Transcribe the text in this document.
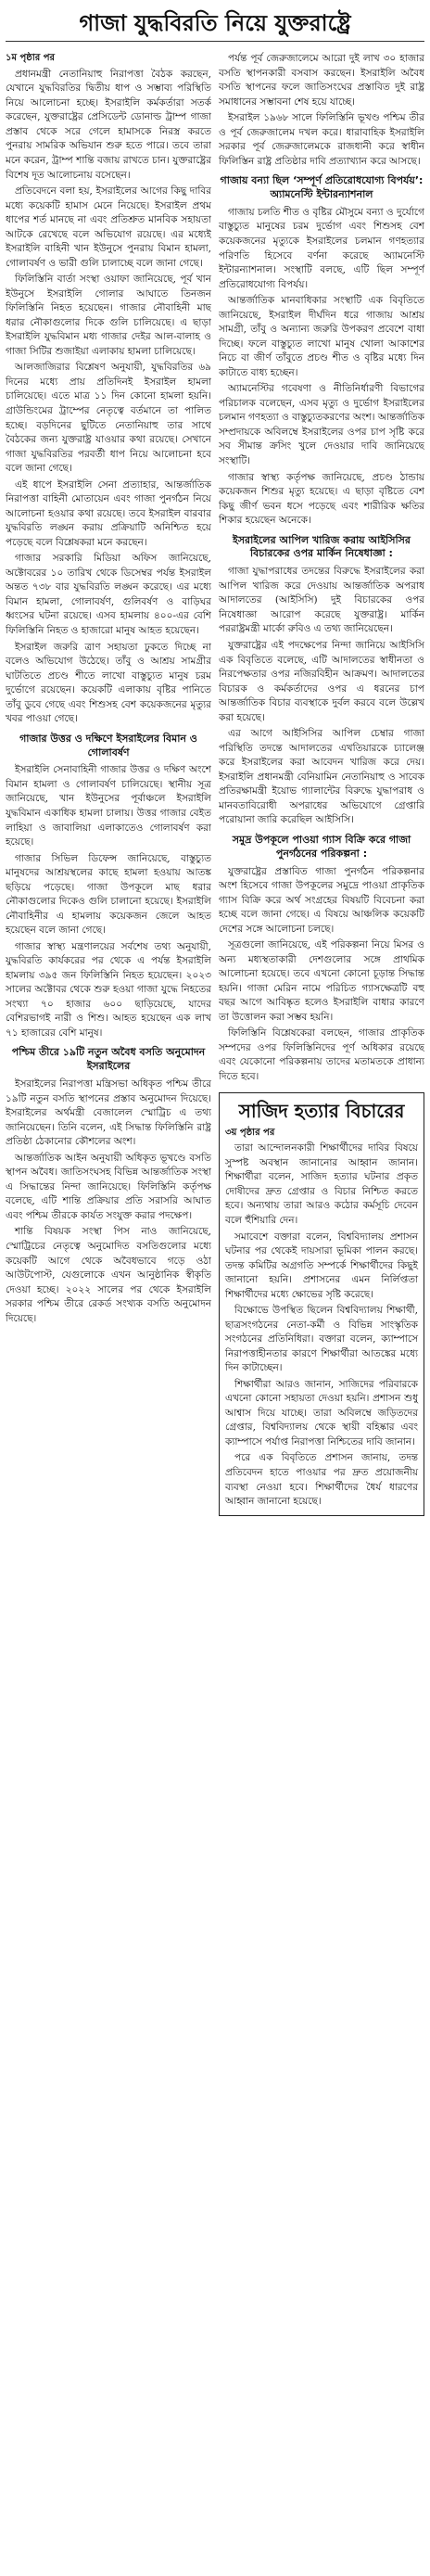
গাজা যুদ্ধবিরতি নিয়ে যুক্তরাষ্ট্রে
১ম পৃষ্ঠার পর

প্রধানমন্ত্রী নেতানিয়াহু নিরাপত্তা বৈঠক করছেন, যেখানে যুদ্ধবিরতির দ্বিতীয় ধাপ ও সম্ভাব্য পরিস্থিতি নিয়ে আলোচনা হচ্ছে। ইসরাইলি কর্মকর্তারা সতর্ক করেছেন, যুক্তরাষ্ট্রের প্রেসিডেন্ট ডোনাল্ড ট্রাম্প গাজা প্রস্তাব থেকে সরে গেলে হামাসকে নিরস্ত্র করতে পুনরায় সামরিক অভিযান শুরু হতে পারে। তবে তারা মনে করেন, ট্রাম্প শান্তি বজায় রাখতে চান। যুক্তরাষ্ট্রের বিশেষ দূত আলোচনায় বসেছেন।

প্রতিবেদনে বলা হয়, ইসরাইলের আগের কিছু দাবির মধ্যে কয়েকটি হামাস মেনে নিয়েছে। ইসরাইল প্রথম ধাপের শর্ত মানছে না এবং প্রতিশ্রুত মানবিক সহায়তা আটকে রেখেছে বলে অভিযোগ রয়েছে। এর মধ্যেই ইসরাইলি বাহিনী খান ইউনুসে পুনরায় বিমান হামলা, গোলাবর্ষণ ও ভারী গুলি চালাচ্ছে বলে জানা গেছে।

ফিলিস্তিনি বার্তা সংস্থা ওয়াফা জানিয়েছে, পূর্ব খান ইউনুসে ইসরাইলি গোলার আঘাতে তিনজন ফিলিস্তিনি নিহত হয়েছেন। গাজার নৌবাহিনী মাছ ধরার নৌকাগুলোর দিকে গুলি চালিয়েছে। এ ছাড়া ইসরাইলি যুদ্ধবিমান মধ্য গাজার দেইর আল-বালাহ ও গাজা সিটির শুজাইয়া এলাকায় হামলা চালিয়েছে।

আলজাজিরার বিশ্লেষণ অনুযায়ী, যুদ্ধবিরতির ৬৯ দিনের মধ্যে প্রায় প্রতিদিনই ইসরাইল হামলা চালিয়েছে। এতে মাত্র ১১ দিন কোনো হামলা হয়নি। গ্রাউন্ডিংমের ট্রাম্পের নেতৃত্বে বর্তমানে তা পালিত হচ্ছে। বড়দিনের ছুটিতে নেতানিয়াহু তার সাথে বৈঠকের জন্য যুক্তরাষ্ট্র যাওয়ার কথা রয়েছে। সেখানে গাজা যুদ্ধবিরতির পরবর্তী ধাপ নিয়ে আলোচনা হবে বলে জানা গেছে।

এই ধাপে ইসরাইলি সেনা প্রত্যাহার, আন্তর্জাতিক নিরাপত্তা বাহিনী মোতায়েন এবং গাজা পুনর্গঠন নিয়ে আলোচনা হওয়ার কথা রয়েছে। তবে ইসরাইল বারবার যুদ্ধবিরতি লঙ্ঘন করায় প্রক্রিয়াটি অনিশ্চিত হয়ে পড়েছে বলে বিশ্লেষকরা মনে করছেন।

গাজার সরকারি মিডিয়া অফিস জানিয়েছে, অক্টোবরের ১০ তারিখ থেকে ডিসেম্বর পর্যন্ত ইসরাইল অন্তত ৭৩৮ বার যুদ্ধবিরতি লঙ্ঘন করেছে। এর মধ্যে বিমান হামলা, গোলাবর্ষণ, গুলিবর্ষণ ও বাড়িঘর ধ্বংসের ঘটনা রয়েছে। এসব হামলায় ৪০০-এর বেশি ফিলিস্তিনি নিহত ও হাজারো মানুষ আহত হয়েছেন।

ইসরাইল জরুরি ত্রাণ সহায়তা ঢুকতে দিচ্ছে না বলেও অভিযোগ উঠেছে। তাঁবু ও আশ্রয় সামগ্রীর ঘাটতিতে প্রচণ্ড শীতে লাখো বাস্তুচ্যুত মানুষ চরম দুর্ভোগে রয়েছেন। কয়েকটি এলাকায় বৃষ্টির পানিতে তাঁবু ডুবে গেছে এবং শিশুসহ বেশ কয়েকজনের মৃত্যুর খবর পাওয়া গেছে।

গাজার উত্তর ও দক্ষিণে ইসরাইলের বিমান ও গোলাবর্ষণ

ইসরাইলি সেনাবাহিনী গাজার উত্তর ও দক্ষিণ অংশে বিমান হামলা ও গোলাবর্ষণ চালিয়েছে। স্থানীয় সূত্র জানিয়েছে, খান ইউনুসের পূর্বাঞ্চলে ইসরাইলি যুদ্ধবিমান একাধিক হামলা চালায়। উত্তর গাজার বেইত লাহিয়া ও জাবালিয়া এলাকাতেও গোলাবর্ষণ করা হয়েছে।

গাজার সিভিল ডিফেন্স জানিয়েছে, বাস্তুচ্যুত মানুষদের আশ্রয়স্থলের কাছে হামলা হওয়ায় আতঙ্ক ছড়িয়ে পড়েছে। গাজা উপকূলে মাছ ধরার নৌকাগুলোর দিকেও গুলি চালানো হয়েছে। ইসরাইলি নৌবাহিনীর এ হামলায় কয়েকজন জেলে আহত হয়েছেন বলে জানা গেছে।

গাজার স্বাস্থ্য মন্ত্রণালয়ের সর্বশেষ তথ্য অনুযায়ী, যুদ্ধবিরতি কার্যকরের পর থেকে এ পর্যন্ত ইসরাইলি হামলায় ৩৯৫ জন ফিলিস্তিনি নিহত হয়েছেন। ২০২৩ সালের অক্টোবর থেকে শুরু হওয়া গাজা যুদ্ধে নিহতের সংখ্যা ৭০ হাজার ৬০০ ছাড়িয়েছে, যাদের বেশিরভাগই নারী ও শিশু। আহত হয়েছেন এক লাখ ৭১ হাজারের বেশি মানুষ।

পশ্চিম তীরে ১৯টি নতুন অবৈধ বসতি অনুমোদন ইসরাইলের

ইসরাইলের নিরাপত্তা মন্ত্রিসভা অধিকৃত পশ্চিম তীরে ১৯টি নতুন বসতি স্থাপনের প্রস্তাব অনুমোদন দিয়েছে। ইসরাইলের অর্থমন্ত্রী বেজালেল স্মোট্রিচ এ তথ্য জানিয়েছেন। তিনি বলেন, এই সিদ্ধান্ত ফিলিস্তিনি রাষ্ট্র প্রতিষ্ঠা ঠেকানোর কৌশলের অংশ।

আন্তর্জাতিক আইন অনুযায়ী অধিকৃত ভূখণ্ডে বসতি স্থাপন অবৈধ। জাতিসংঘসহ বিভিন্ন আন্তর্জাতিক সংস্থা এ সিদ্ধান্তের নিন্দা জানিয়েছে। ফিলিস্তিনি কর্তৃপক্ষ বলেছে, এটি শান্তি প্রক্রিয়ার প্রতি সরাসরি আঘাত এবং পশ্চিম তীরকে কার্যত সংযুক্ত করার পদক্ষেপ।

শান্তি বিষয়ক সংস্থা পিস নাও জানিয়েছে, স্মোট্রিচের নেতৃত্বে অনুমোদিত বসতিগুলোর মধ্যে কয়েকটি আগে থেকে অবৈধভাবে গড়ে ওঠা আউটপোস্ট, যেগুলোকে এখন আনুষ্ঠানিক স্বীকৃতি দেওয়া হচ্ছে। ২০২২ সালের পর থেকে ইসরাইলি সরকার পশ্চিম তীরে রেকর্ড সংখ্যক বসতি অনুমোদন দিয়েছে।

পর্যন্ত পূর্ব জেরুজালেমে আরো দুই লাখ ৩০ হাজার বসতি স্থাপনকারী বসবাস করছেন। ইসরাইলি অবৈধ বসতি স্থাপনের ফলে জাতিসংঘের প্রস্তাবিত দুই রাষ্ট্র সমাধানের সম্ভাবনা শেষ হয়ে যাচ্ছে।

ইসরাইল ১৯৬৮ সালে ফিলিস্তিনি ভূখণ্ড পশ্চিম তীর ও পূর্ব জেরুজালেম দখল করে। ধারাবাহিক ইসরাইলি সরকার পূর্ব জেরুজালেমকে রাজধানী করে স্বাধীন ফিলিস্তিন রাষ্ট্র প্রতিষ্ঠার দাবি প্রত্যাখ্যান করে আসছে।

গাজায় বন্যা ছিল ‘সম্পূর্ণ প্রতিরোধযোগ্য বিপর্যয়’: অ্যামনেস্টি ইন্টারন্যাশনাল

গাজায় চলতি শীত ও বৃষ্টির মৌসুমে বন্যা ও দুর্যোগে বাস্তুচ্যুত মানুষের চরম দুর্ভোগ এবং শিশুসহ বেশ কয়েকজনের মৃত্যুকে ইসরাইলের চলমান গণহত্যার পরিণতি হিসেবে বর্ণনা করেছে অ্যামনেস্টি ইন্টারন্যাশনাল। সংস্থাটি বলছে, এটি ছিল সম্পূর্ণ প্রতিরোধযোগ্য বিপর্যয়।

আন্তর্জাতিক মানবাধিকার সংস্থাটি এক বিবৃতিতে জানিয়েছে, ইসরাইল দীর্ঘদিন ধরে গাজায় আশ্রয় সামগ্রী, তাঁবু ও অন্যান্য জরুরি উপকরণ প্রবেশে বাধা দিচ্ছে। ফলে বাস্তুচ্যুত লাখো মানুষ খোলা আকাশের নিচে বা জীর্ণ তাঁবুতে প্রচণ্ড শীত ও বৃষ্টির মধ্যে দিন কাটাতে বাধ্য হচ্ছেন।

অ্যামনেস্টির গবেষণা ও নীতিনির্ধারণী বিভাগের পরিচালক বলেছেন, এসব মৃত্যু ও দুর্ভোগ ইসরাইলের চলমান গণহত্যা ও বাস্তুচ্যুতকরণের অংশ। আন্তর্জাতিক সম্প্রদায়কে অবিলম্বে ইসরাইলের ওপর চাপ সৃষ্টি করে সব সীমান্ত ক্রসিং খুলে দেওয়ার দাবি জানিয়েছে সংস্থাটি।

গাজার স্বাস্থ্য কর্তৃপক্ষ জানিয়েছে, প্রচণ্ড ঠান্ডায় কয়েকজন শিশুর মৃত্যু হয়েছে। এ ছাড়া বৃষ্টিতে বেশ কিছু জীর্ণ ভবন ধসে পড়েছে এবং শারীরিক ক্ষতির শিকার হয়েছেন অনেকে।

ইসরাইলের আপিল খারিজ করায় আইসিসির বিচারকের ওপর মার্কিন নিষেধাজ্ঞা :

গাজা যুদ্ধাপরাধের তদন্তের বিরুদ্ধে ইসরাইলের করা আপিল খারিজ করে দেওয়ায় আন্তর্জাতিক অপরাধ আদালতের (আইসিসি) দুই বিচারকের ওপর নিষেধাজ্ঞা আরোপ করেছে যুক্তরাষ্ট্র। মার্কিন পররাষ্ট্রমন্ত্রী মার্কো রুবিও এ তথ্য জানিয়েছেন।

যুক্তরাষ্ট্রের এই পদক্ষেপের নিন্দা জানিয়ে আইসিসি এক বিবৃতিতে বলেছে, এটি আদালতের স্বাধীনতা ও নিরপেক্ষতার ওপর নজিরবিহীন আক্রমণ। আদালতের বিচারক ও কর্মকর্তাদের ওপর এ ধরনের চাপ আন্তর্জাতিক বিচার ব্যবস্থাকে দুর্বল করবে বলে উল্লেখ করা হয়েছে।

এর আগে আইসিসির আপিল চেম্বার গাজা পরিস্থিতি তদন্তে আদালতের এখতিয়ারকে চ্যালেঞ্জ করে ইসরাইলের করা আবেদন খারিজ করে দেয়। ইসরাইলি প্রধানমন্ত্রী বেনিয়ামিন নেতানিয়াহু ও সাবেক প্রতিরক্ষামন্ত্রী ইয়োভ গ্যালান্টের বিরুদ্ধে যুদ্ধাপরাধ ও মানবতাবিরোধী অপরাধের অভিযোগে গ্রেপ্তারি পরোয়ানা জারি করেছিল আইসিসি।

সমুদ্র উপকূলে পাওয়া গ্যাস বিক্রি করে গাজা পুনর্গঠনের পরিকল্পনা :

যুক্তরাষ্ট্রের প্রস্তাবিত গাজা পুনর্গঠন পরিকল্পনার অংশ হিসেবে গাজা উপকূলের সমুদ্রে পাওয়া প্রাকৃতিক গ্যাস বিক্রি করে অর্থ সংগ্রহের বিষয়টি বিবেচনা করা হচ্ছে বলে জানা গেছে। এ বিষয়ে আঞ্চলিক কয়েকটি দেশের সঙ্গে আলোচনা চলছে।

সূত্রগুলো জানিয়েছে, এই পরিকল্পনা নিয়ে মিসর ও অন্য মধ্যস্থতাকারী দেশগুলোর সঙ্গে প্রাথমিক আলোচনা হয়েছে। তবে এখনো কোনো চূড়ান্ত সিদ্ধান্ত হয়নি। গাজা মেরিন নামে পরিচিত গ্যাসক্ষেত্রটি বহু বছর আগে আবিষ্কৃত হলেও ইসরাইলি বাধার কারণে তা উত্তোলন করা সম্ভব হয়নি।

ফিলিস্তিনি বিশ্লেষকেরা বলছেন, গাজার প্রাকৃতিক সম্পদের ওপর ফিলিস্তিনিদের পূর্ণ অধিকার রয়েছে এবং যেকোনো পরিকল্পনায় তাদের মতামতকে প্রাধান্য দিতে হবে।

সাজিদ হত্যার বিচারের
৩য় পৃষ্ঠার পর

তারা আন্দোলনকারী শিক্ষার্থীদের দাবির বিষয়ে সুস্পষ্ট অবস্থান জানানোর আহ্বান জানান। শিক্ষার্থীরা বলেন, সাজিদ হত্যার ঘটনার প্রকৃত দোষীদের দ্রুত গ্রেপ্তার ও বিচার নিশ্চিত করতে হবে। অন্যথায় তারা আরও কঠোর কর্মসূচি দেবেন বলে হুঁশিয়ারি দেন।

সমাবেশে বক্তারা বলেন, বিশ্ববিদ্যালয় প্রশাসন ঘটনার পর থেকেই দায়সারা ভূমিকা পালন করছে। তদন্ত কমিটির অগ্রগতি সম্পর্কে শিক্ষার্থীদের কিছুই জানানো হয়নি। প্রশাসনের এমন নির্লিপ্ততা শিক্ষার্থীদের মধ্যে ক্ষোভের সৃষ্টি করেছে।

বিক্ষোভে উপস্থিত ছিলেন বিশ্ববিদ্যালয় শিক্ষার্থী, ছাত্রসংগঠনের নেতা-কর্মী ও বিভিন্ন সাংস্কৃতিক সংগঠনের প্রতিনিধিরা। বক্তারা বলেন, ক্যাম্পাসে নিরাপত্তাহীনতার কারণে শিক্ষার্থীরা আতঙ্কের মধ্যে দিন কাটাচ্ছেন।

শিক্ষার্থীরা আরও জানান, সাজিদের পরিবারকে এখনো কোনো সহায়তা দেওয়া হয়নি। প্রশাসন শুধু আশ্বাস দিয়ে যাচ্ছে। তারা অবিলম্বে জড়িতদের গ্রেপ্তার, বিশ্ববিদ্যালয় থেকে স্থায়ী বহিষ্কার এবং ক্যাম্পাসে পর্যাপ্ত নিরাপত্তা নিশ্চিতের দাবি জানান।

পরে এক বিবৃতিতে প্রশাসন জানায়, তদন্ত প্রতিবেদন হাতে পাওয়ার পর দ্রুত প্রয়োজনীয় ব্যবস্থা নেওয়া হবে। শিক্ষার্থীদের ধৈর্য ধারণের আহ্বান জানানো হয়েছে।
